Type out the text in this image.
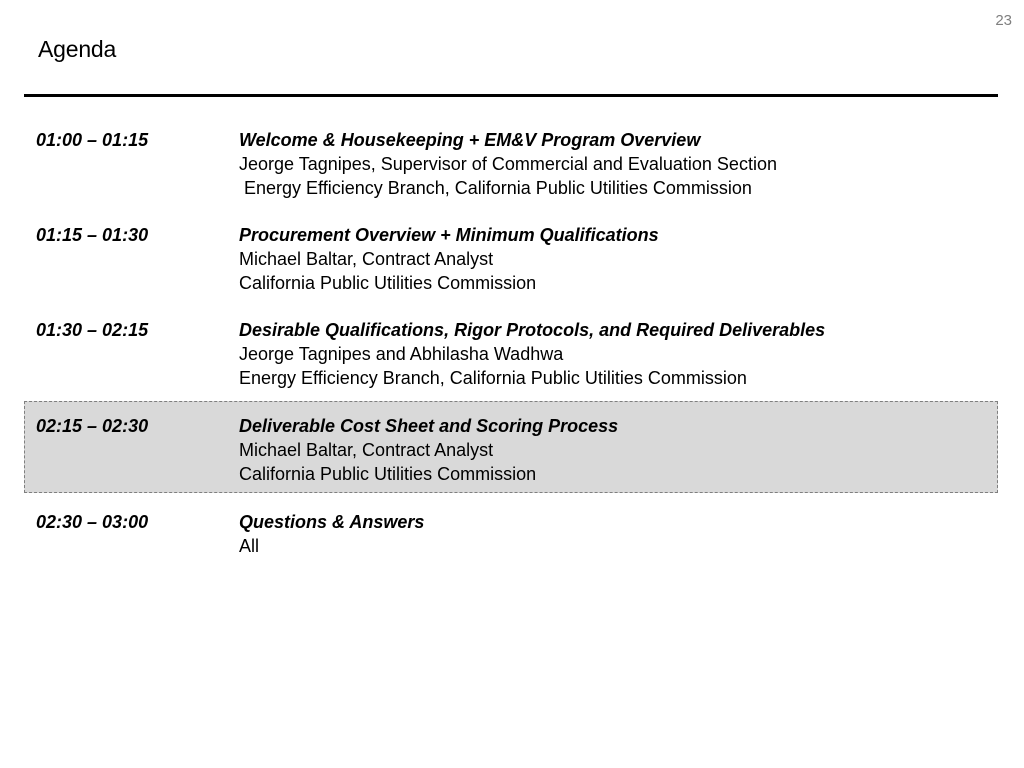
23
Agenda
01:00 – 01:15	Welcome & Housekeeping + EM&V Program Overview
Jeorge Tagnipes, Supervisor of Commercial and Evaluation Section
Energy Efficiency Branch, California Public Utilities Commission
01:15 – 01:30	Procurement Overview + Minimum Qualifications
Michael Baltar, Contract Analyst
California Public Utilities Commission
01:30 – 02:15	Desirable Qualifications, Rigor Protocols, and Required Deliverables
Jeorge Tagnipes and Abhilasha Wadhwa
Energy Efficiency Branch, California Public Utilities Commission
02:15 – 02:30	Deliverable Cost Sheet and Scoring Process
Michael Baltar, Contract Analyst
California Public Utilities Commission
02:30 – 03:00	Questions & Answers
All
